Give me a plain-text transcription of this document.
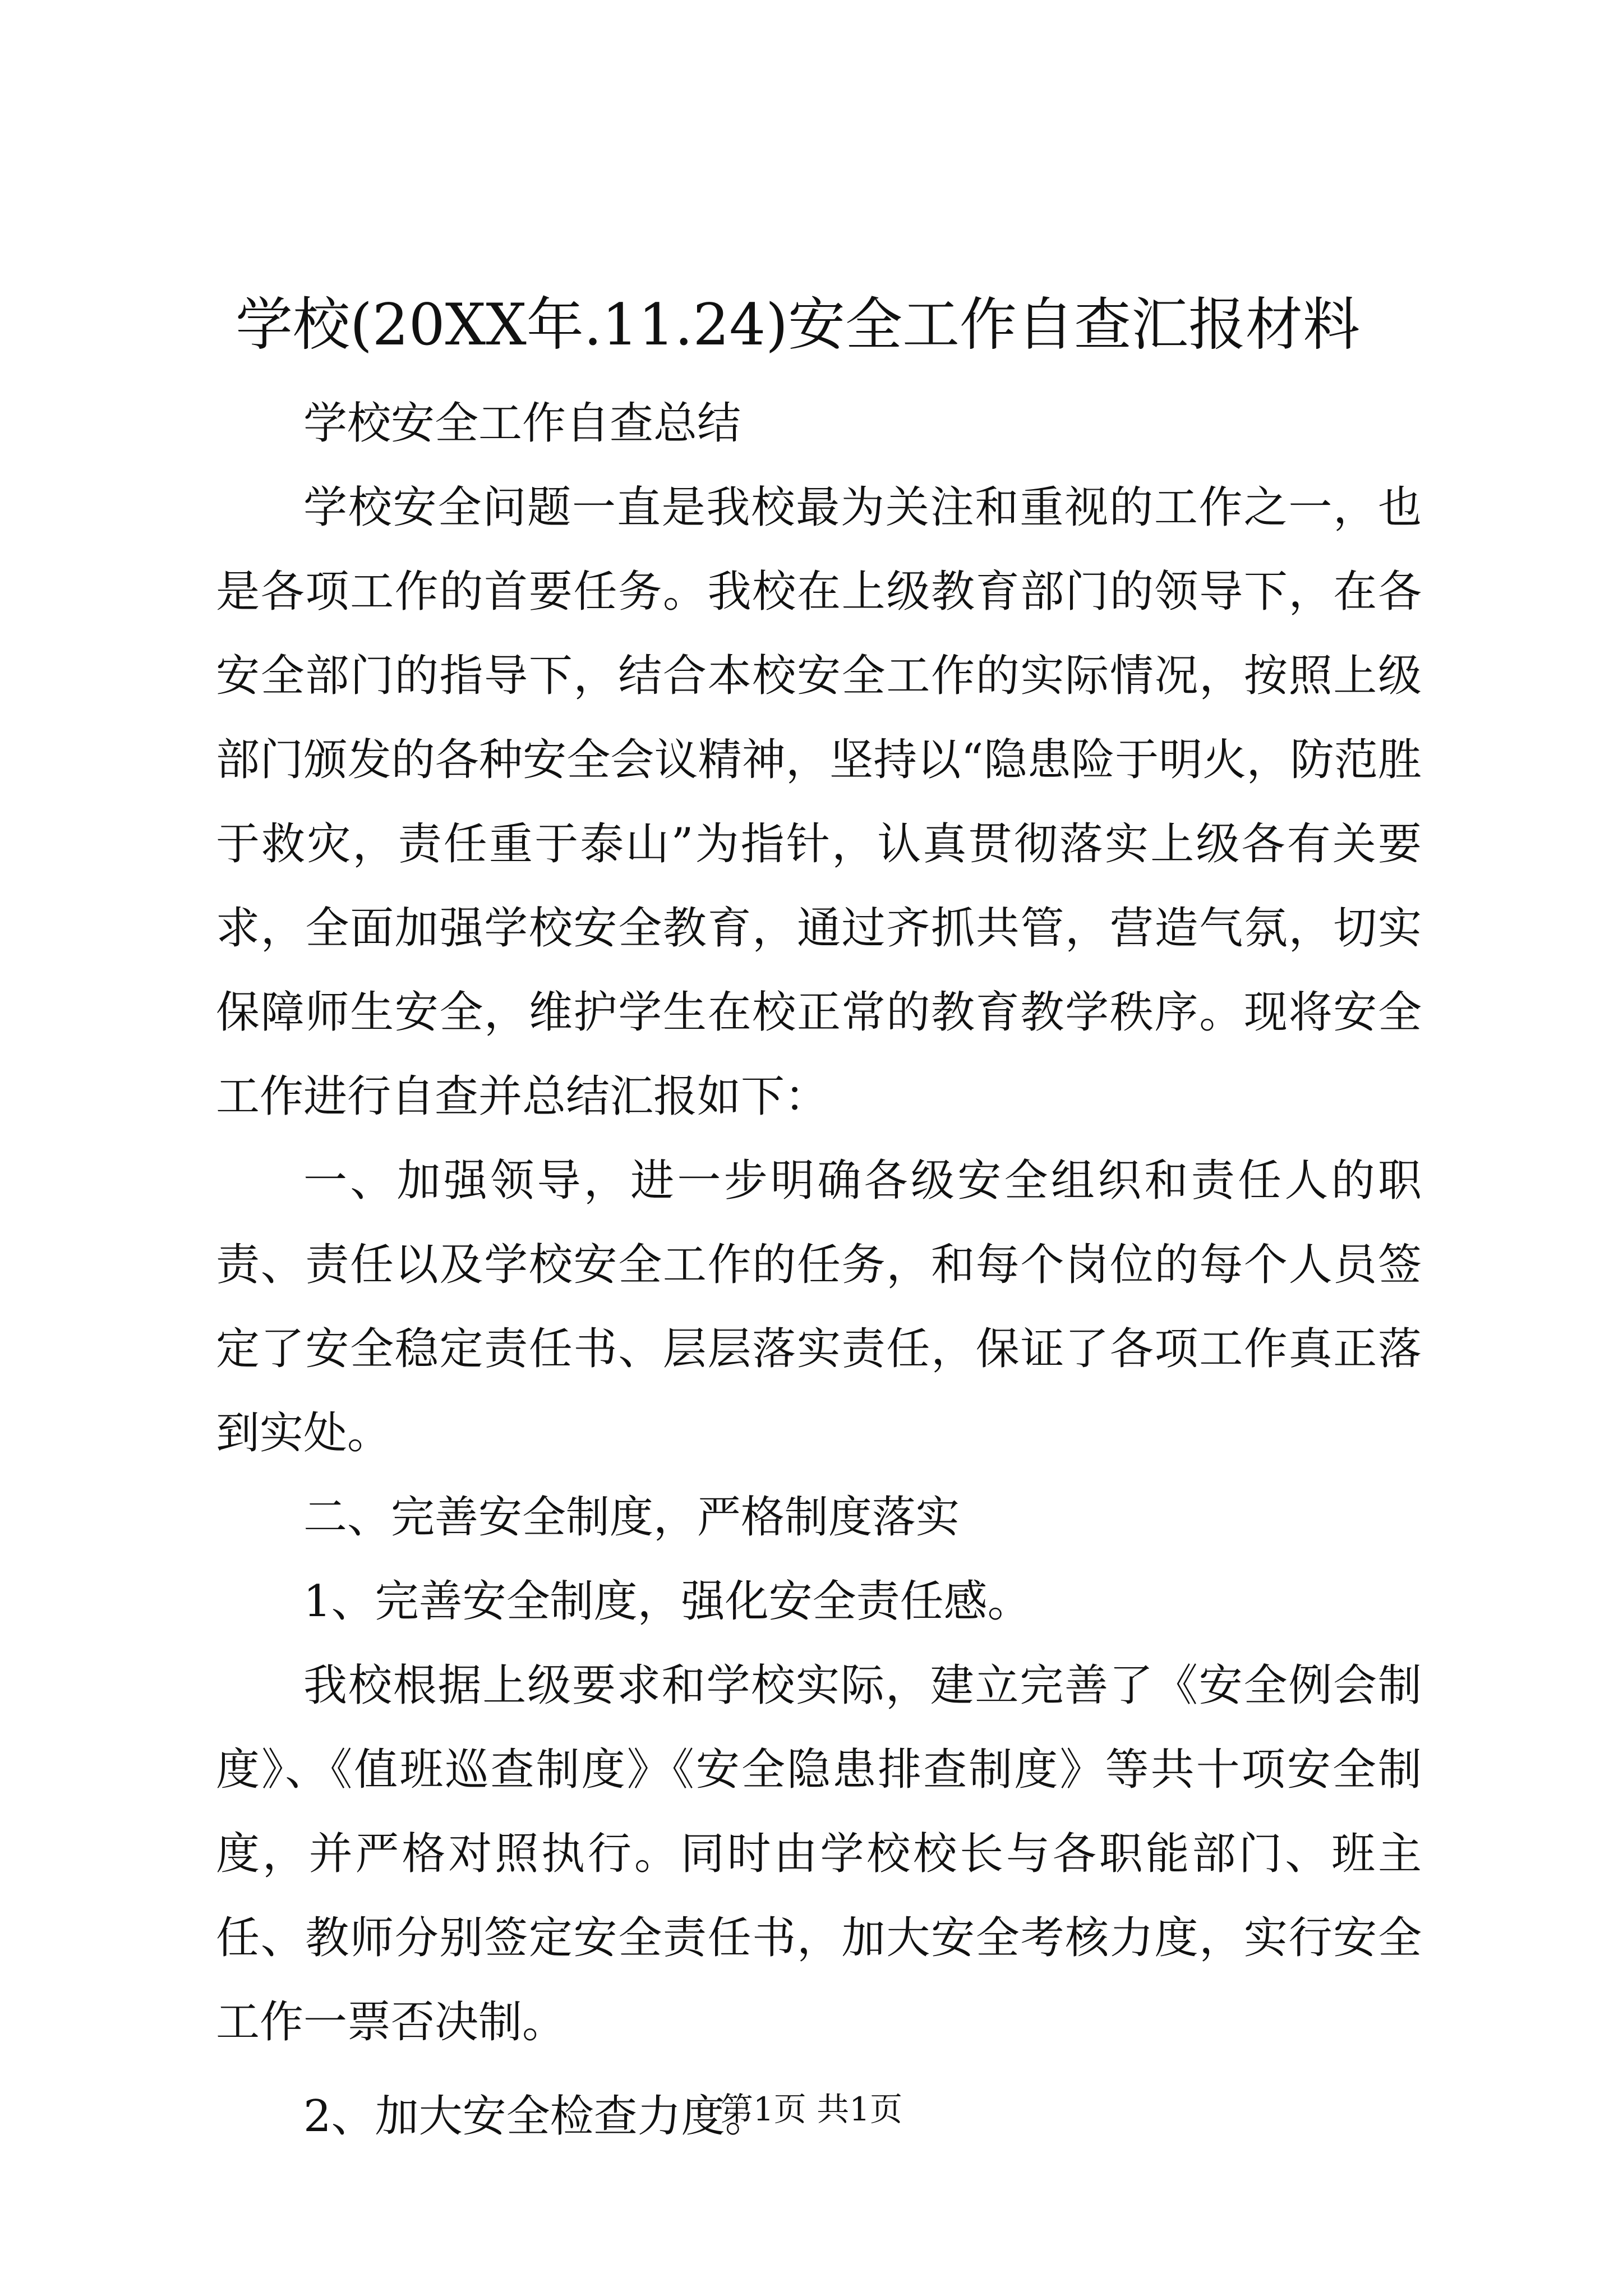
学校(20XX年.11.24)安全工作自查汇报材料

学校安全工作自查总结

学校安全问题一直是我校最为关注和重视的工作之一，也是各项工作的首要任务。我校在上级教育部门的领导下，在各安全部门的指导下，结合本校安全工作的实际情况，按照上级部门颁发的各种安全会议精神，坚持以“隐患险于明火，防范胜于救灾，责任重于泰山”为指针，认真贯彻落实上级各有关要求，全面加强学校安全教育，通过齐抓共管，营造气氛，切实保障师生安全，维护学生在校正常的教育教学秩序。现将安全工作进行自查并总结汇报如下：

一、加强领导，进一步明确各级安全组织和责任人的职责、责任以及学校安全工作的任务，和每个岗位的每个人员签定了安全稳定责任书、层层落实责任，保证了各项工作真正落到实处。

二、完善安全制度，严格制度落实

1、完善安全制度，强化安全责任感。

我校根据上级要求和学校实际，建立完善了《安全例会制度》、《值班巡查制度》《安全隐患排查制度》等共十项安全制度，并严格对照执行。同时由学校校长与各职能部门、班主任、教师分别签定安全责任书，加大安全考核力度，实行安全工作一票否决制。

2、加大安全检查力度。

第1页 共1页
